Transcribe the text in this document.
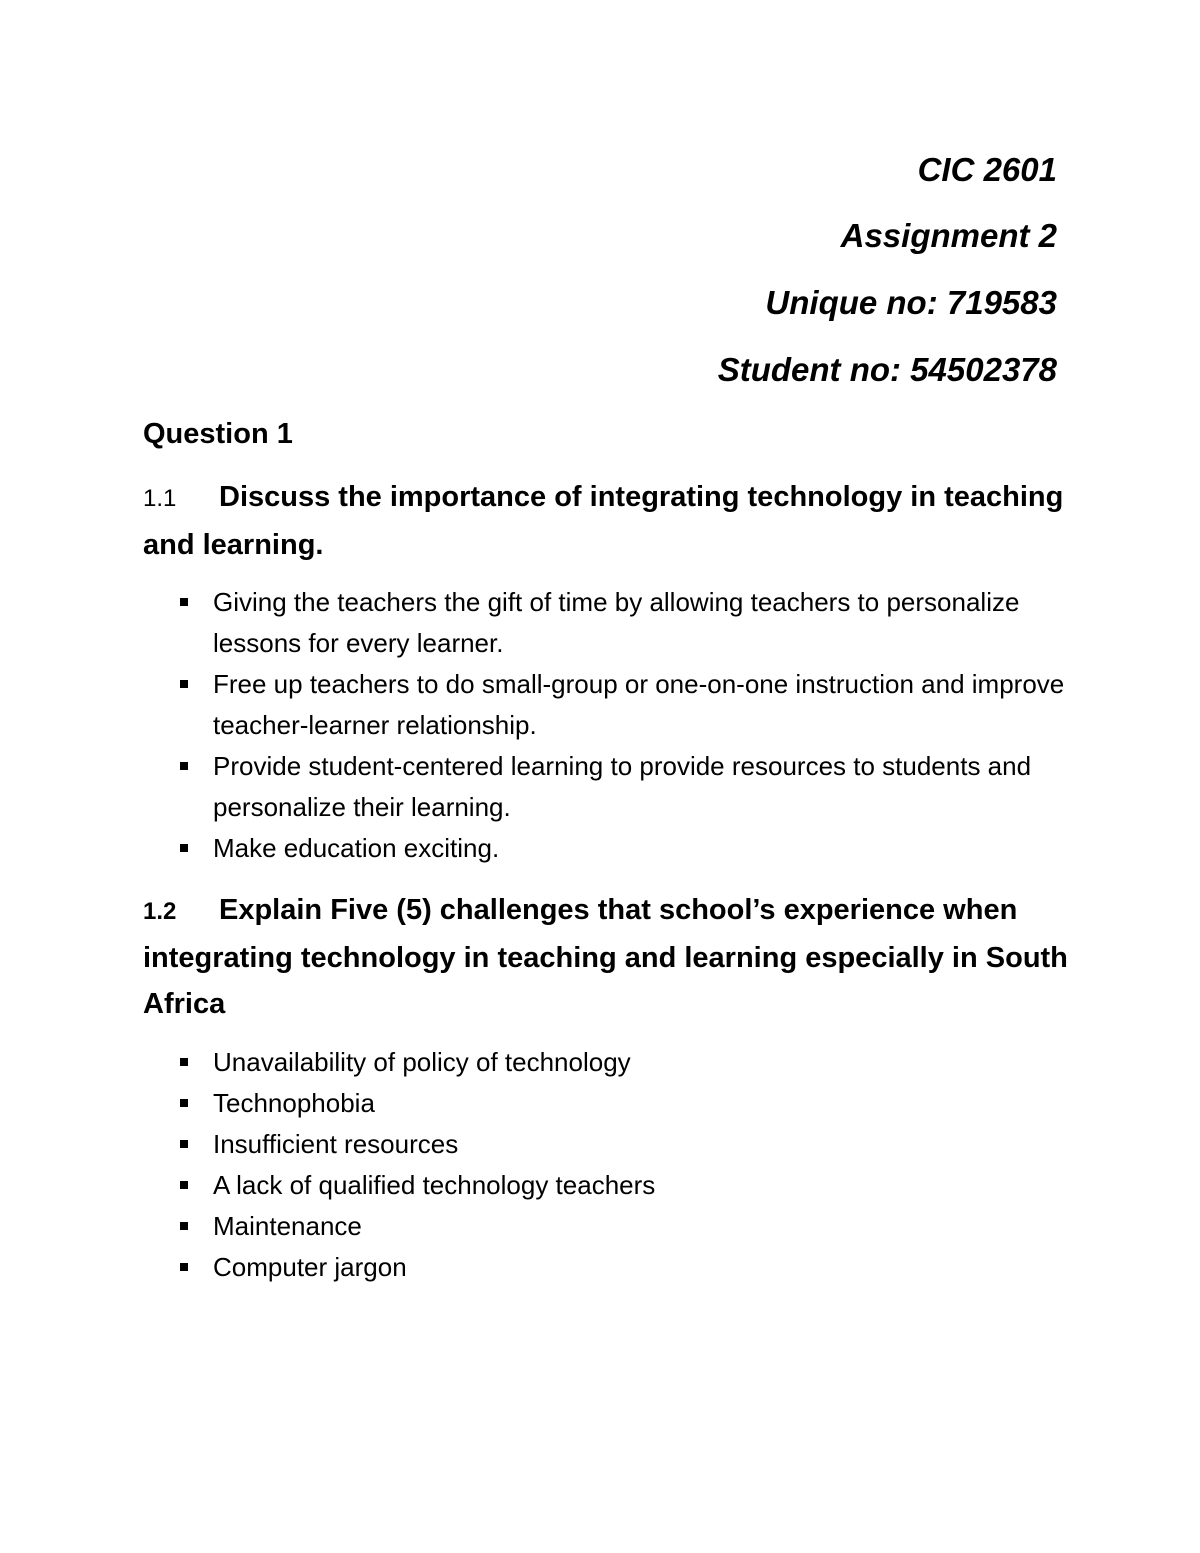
CIC 2601
Assignment 2
Unique no: 719583
Student no: 54502378
Question 1
1.1 Discuss the importance of integrating technology in teaching and learning.
Giving the teachers the gift of time by allowing teachers to personalize lessons for every learner.
Free up teachers to do small-group or one-on-one instruction and improve teacher-learner relationship.
Provide student-centered learning to provide resources to students and personalize their learning.
Make education exciting.
1.2 Explain Five (5) challenges that school’s experience when integrating technology in teaching and learning especially in South Africa
Unavailability of policy of technology
Technophobia
Insufficient resources
A lack of qualified technology teachers
Maintenance
Computer jargon
